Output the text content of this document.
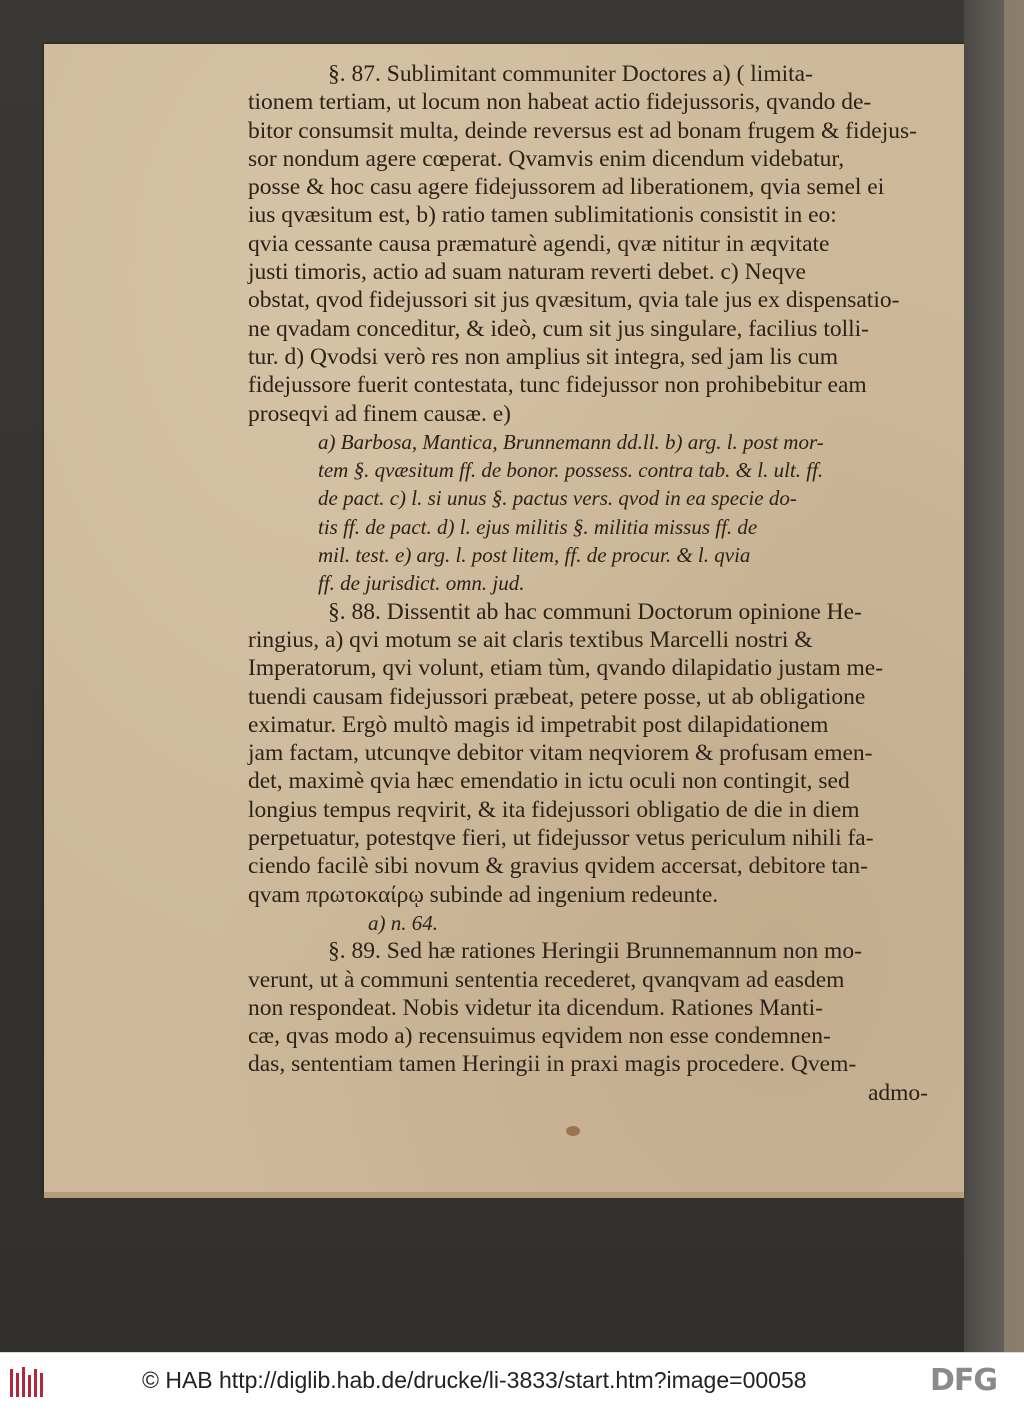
§. 87. Sublimitant communiter Doctores a) ( limita-
tionem tertiam, ut locum non habeat actio fidejussoris, qvando de-
bitor consumsit multa, deinde reversus est ad bonam frugem & fidejus-
sor nondum agere cœperat. Qvamvis enim dicendum videbatur,
posse & hoc casu agere fidejussorem ad liberationem, qvia semel ei
ius qvæsitum est, b) ratio tamen sublimitationis consistit in eo:
qvia cessante causa præmaturè agendi, qvæ nititur in æqvitate
justi timoris, actio ad suam naturam reverti debet. c) Neqve
obstat, qvod fidejussori sit jus qvæsitum, qvia tale jus ex dispensatio-
ne qvadam conceditur, & ideò, cum sit jus singulare, facilius tolli-
tur. d) Qvodsi verò res non amplius sit integra, sed jam lis cum
fidejussore fuerit contestata, tunc fidejussor non prohibebitur eam
proseqvi ad finem causæ. e)
a) Barbosa, Mantica, Brunnemann dd.ll. b) arg. l. post mor-
tem §. qvæsitum ff. de bonor. possess. contra tab. & l. ult. ff.
de pact. c) l. si unus §. pactus vers. qvod in ea specie do-
tis ff. de pact. d) l. ejus militis §. militia missus ff. de
mil. test. e) arg. l. post litem, ff. de procur. & l. qvia
ff. de jurisdict. omn. jud.
§. 88. Dissentit ab hac communi Doctorum opinione He-
ringius, a) qvi motum se ait claris textibus Marcelli nostri &
Imperatorum, qvi volunt, etiam tùm, qvando dilapidatio justam me-
tuendi causam fidejussori præbeat, petere posse, ut ab obligatione
eximatur. Ergò multò magis id impetrabit post dilapidationem
jam factam, utcunqve debitor vitam neqviorem & profusam emen-
det, maximè qvia hæc emendatio in ictu oculi non contingit, sed
longius tempus reqvirit, & ita fidejussori obligatio de die in diem
perpetuatur, potestqve fieri, ut fidejussor vetus periculum nihili fa-
ciendo facilè sibi novum & gravius qvidem accersat, debitore tan-
qvam πρωτοκαίρῳ subinde ad ingenium redeunte.
a) n. 64.
§. 89. Sed hæ rationes Heringii Brunnemannum non mo-
verunt, ut à communi sententia recederet, qvanqvam ad easdem
non respondeat. Nobis videtur ita dicendum. Rationes Manti-
cæ, qvas modo a) recensuimus eqvidem non esse condemnen-
das, sententiam tamen Heringii in praxi magis procedere. Qvem-
admo-
© HAB http://diglib.hab.de/drucke/li-3833/start.htm?image=00058	DFG
